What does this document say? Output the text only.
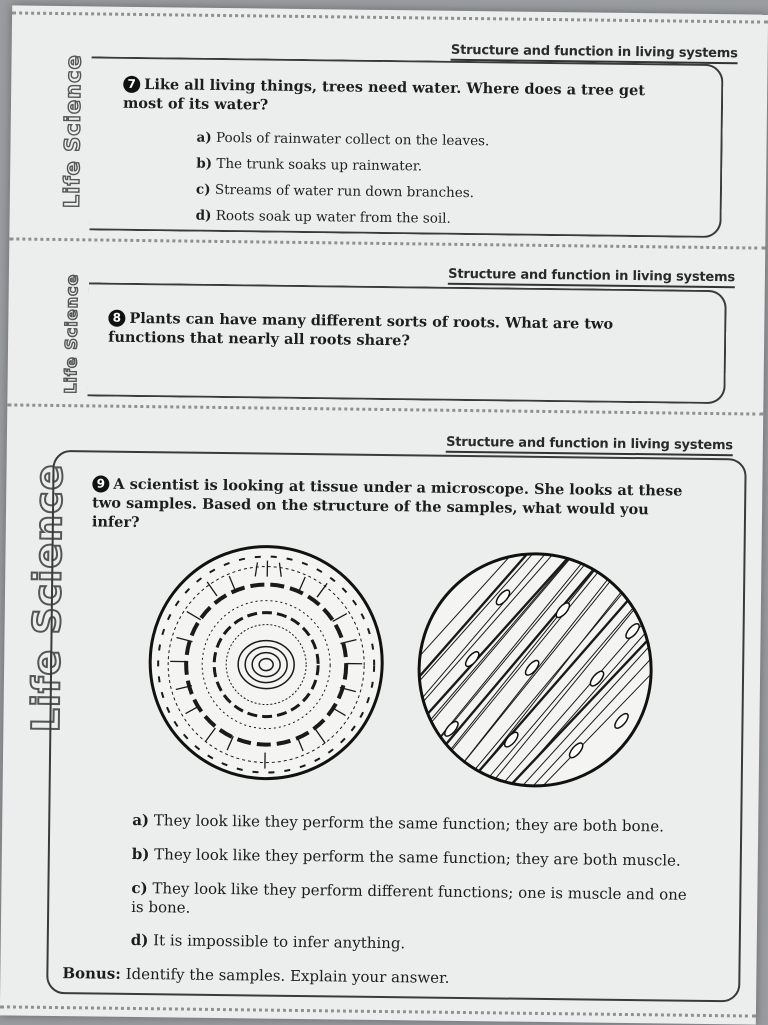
Life Science
Structure and function in living systems
7 Like all living things, trees need water. Where does a tree get most of its water?
a) Pools of rainwater collect on the leaves.
b) The trunk soaks up rainwater.
c) Streams of water run down branches.
d) Roots soak up water from the soil.
Life Science	Structure and function in living systems
8 Plants can have many different sorts of roots. What are two functions that nearly all roots share?
Life Science
Structure and function in living systems
9 A scientist is looking at tissue under a microscope. She looks at these two samples. Based on the structure of the samples, what would you infer?
a) They look like they perform the same function; they are both bone.
b) They look like they perform the same function; they are both muscle.
c) They look like they perform different functions; one is muscle and one is bone.
d) It is impossible to infer anything.
Bonus: Identify the samples. Explain your answer.
